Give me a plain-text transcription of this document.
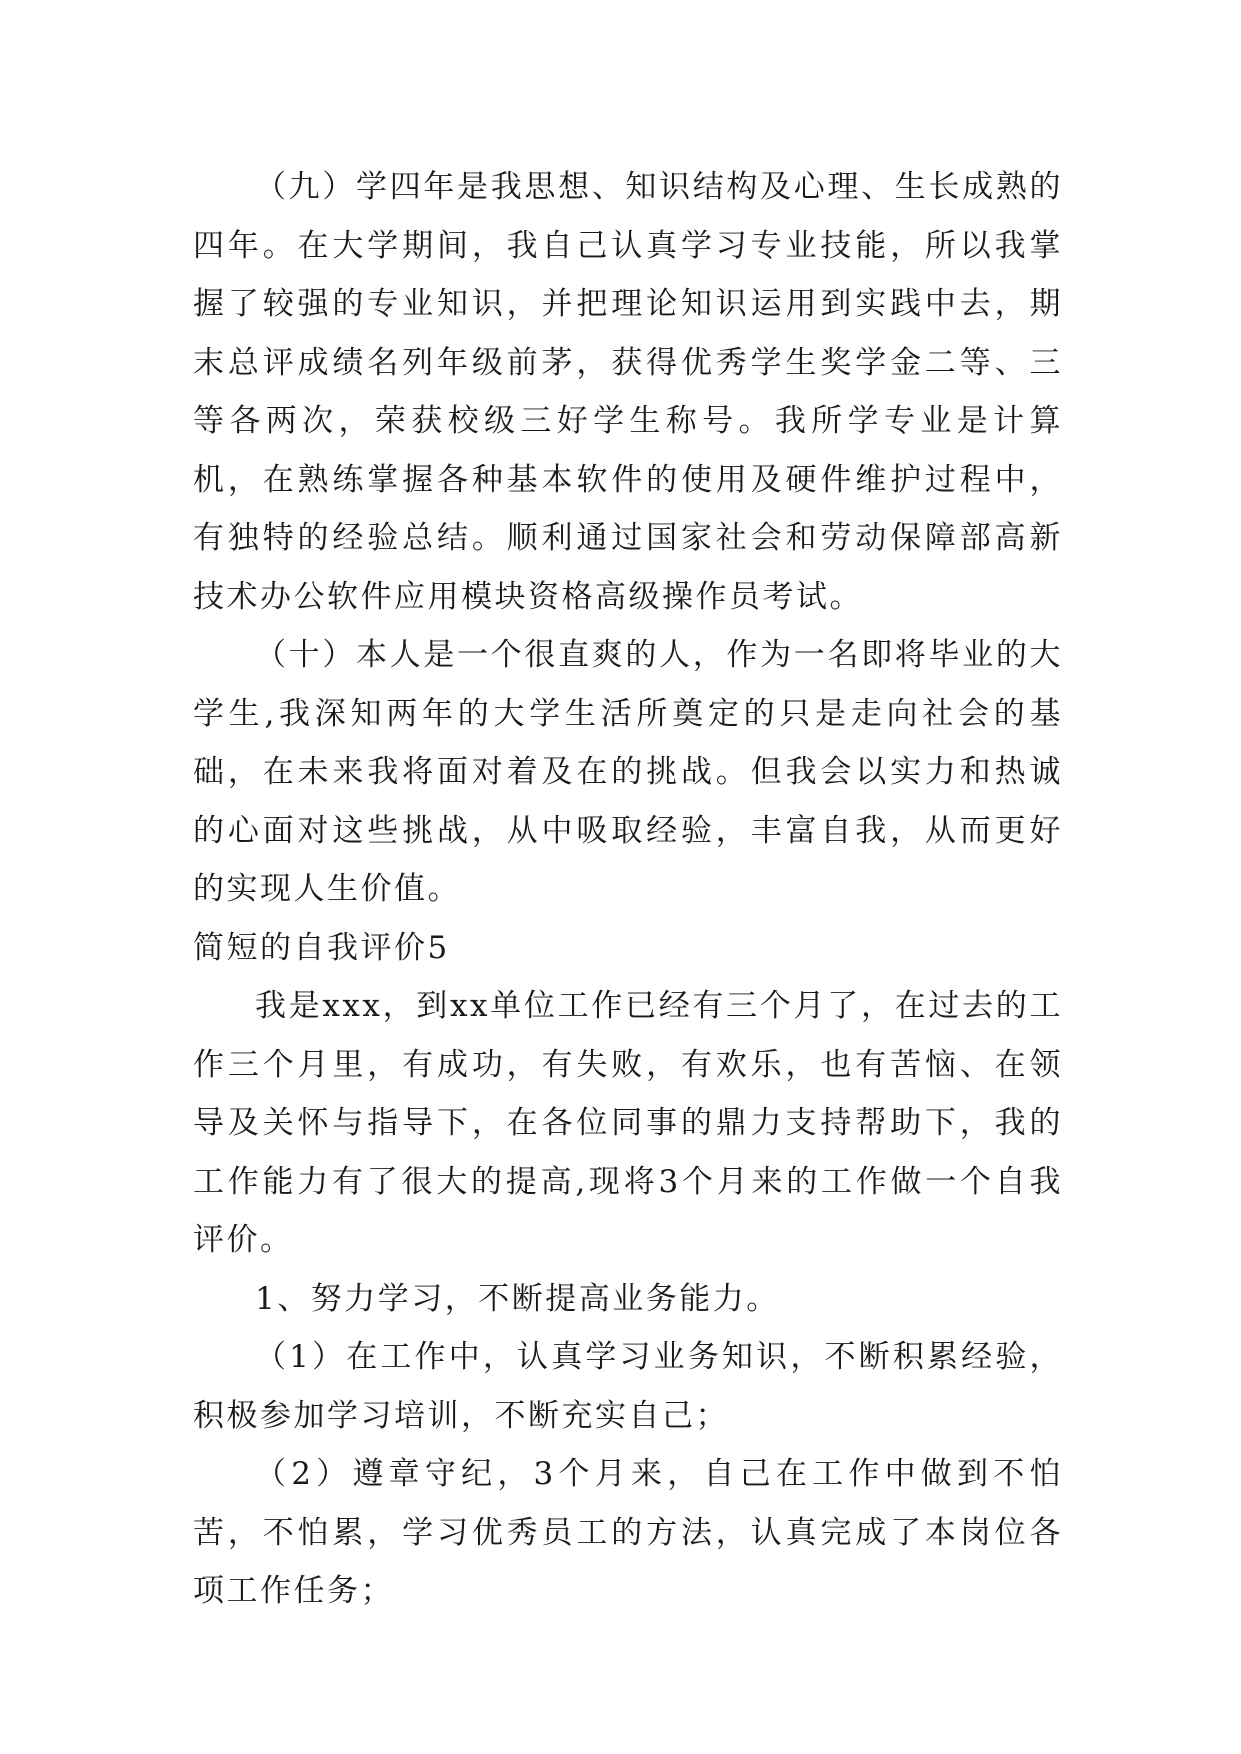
（九）学四年是我思想、知识结构及心理、生长成熟的四年。在大学期间，我自己认真学习专业技能，所以我掌握了较强的专业知识，并把理论知识运用到实践中去，期末总评成绩名列年级前茅，获得优秀学生奖学金二等、三等各两次，荣获校级三好学生称号。我所学专业是计算机，在熟练掌握各种基本软件的使用及硬件维护过程中，有独特的经验总结。顺利通过国家社会和劳动保障部高新技术办公软件应用模块资格高级操作员考试。

（十）本人是一个很直爽的人，作为一名即将毕业的大学生,我深知两年的大学生活所奠定的只是走向社会的基础，在未来我将面对着及在的挑战。但我会以实力和热诚的心面对这些挑战，从中吸取经验，丰富自我，从而更好的实现人生价值。

简短的自我评价5

我是xxx，到xx单位工作已经有三个月了，在过去的工作三个月里，有成功，有失败，有欢乐，也有苦恼、在领导及关怀与指导下，在各位同事的鼎力支持帮助下，我的工作能力有了很大的提高,现将3个月来的工作做一个自我评价。

1、努力学习，不断提高业务能力。

（1）在工作中，认真学习业务知识，不断积累经验，积极参加学习培训，不断充实自己；

（2）遵章守纪，3个月来，自己在工作中做到不怕苦，不怕累，学习优秀员工的方法，认真完成了本岗位各项工作任务；
